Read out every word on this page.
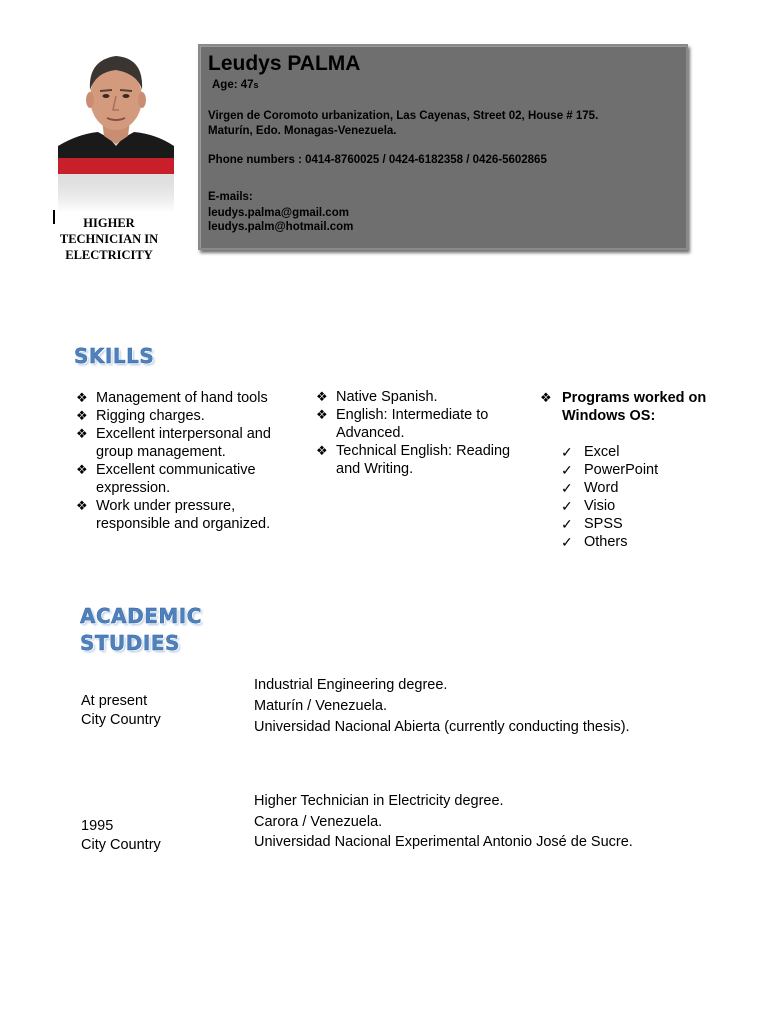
HIGHER
TECHNICIAN IN
ELECTRICITY
Leudys PALMA
Age: 47s
Virgen de Coromoto urbanization, Las Cayenas, Street 02, House # 175.
Maturín, Edo. Monagas-Venezuela.
Phone numbers : 0414-8760025 / 0424-6182358 / 0426-5602865
E-mails:
leudys.palma@gmail.com
leudys.palm@hotmail.com
SKILLS
❖ Management of hand tools
❖ Rigging charges.
❖ Excellent interpersonal and group management.
❖ Excellent communicative expression.
❖ Work under pressure, responsible and organized.
❖ Native Spanish.
❖ English: Intermediate to Advanced.
❖ Technical English: Reading and Writing.
❖ Programs worked on Windows OS:
✓ Excel
✓ PowerPoint
✓ Word
✓ Visio
✓ SPSS
✓ Others
ACADEMIC
STUDIES
At present
City Country
Industrial Engineering degree.
Maturín / Venezuela.
Universidad Nacional Abierta (currently conducting thesis).
1995
City Country
Higher Technician in Electricity degree.
Carora / Venezuela.
Universidad Nacional Experimental Antonio José de Sucre.
